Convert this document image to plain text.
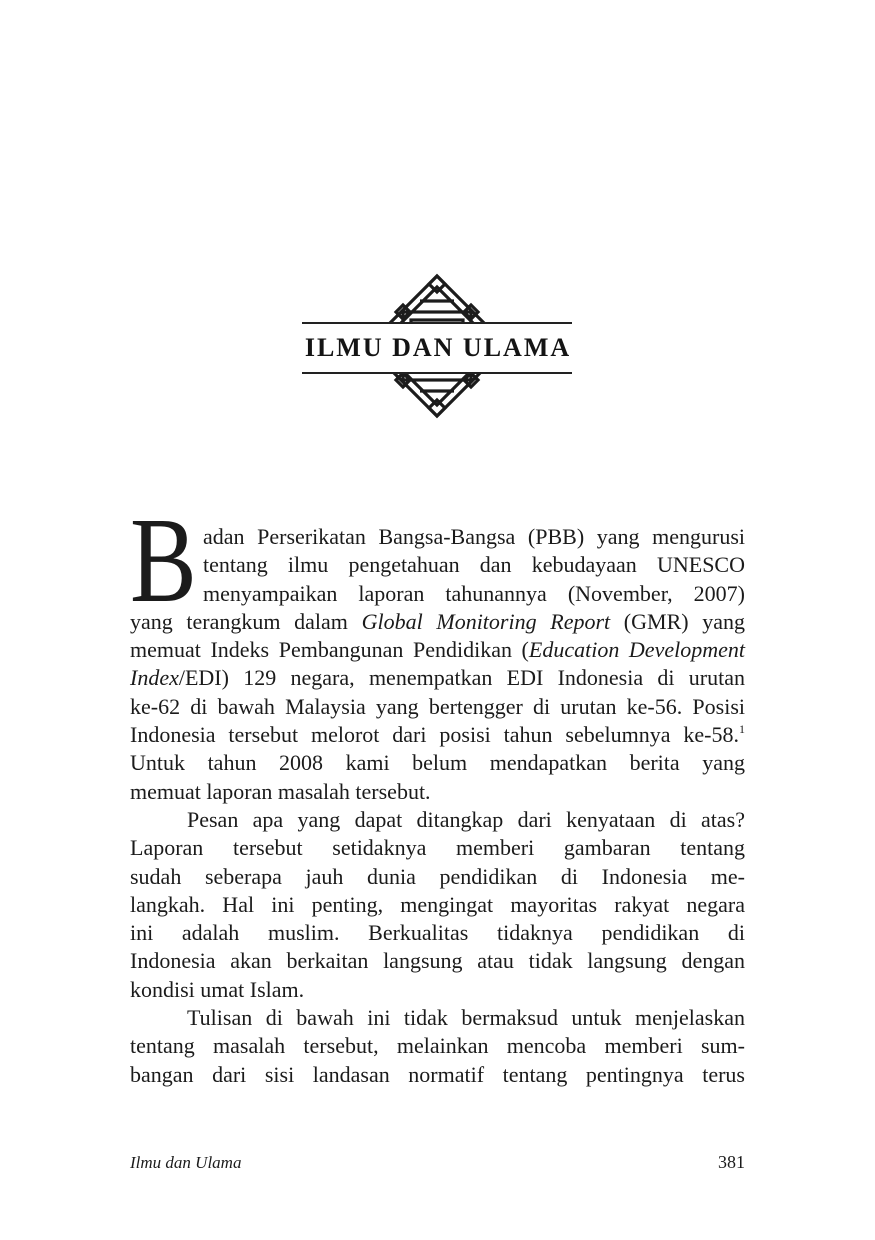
ILMU DAN ULAMA
B adan Perserikatan Bangsa-Bangsa (PBB) yang mengurusi
tentang ilmu pengetahuan dan kebudayaan UNESCO
menyampaikan laporan tahunannya (November, 2007)
yang terangkum dalam Global Monitoring Report (GMR) yang
memuat Indeks Pembangunan Pendidikan (Education Development
Index/EDI) 129 negara, menempatkan EDI Indonesia di urutan
ke-62 di bawah Malaysia yang bertengger di urutan ke-56. Posisi
Indonesia tersebut melorot dari posisi tahun sebelumnya ke-58.$^1$
Untuk tahun 2008 kami belum mendapatkan berita yang
memuat laporan masalah tersebut.
Pesan apa yang dapat ditangkap dari kenyataan di atas?
Laporan tersebut setidaknya memberi gambaran tentang
sudah seberapa jauh dunia pendidikan di Indonesia me-
langkah. Hal ini penting, mengingat mayoritas rakyat negara
ini adalah muslim. Berkualitas tidaknya pendidikan di
Indonesia akan berkaitan langsung atau tidak langsung dengan
kondisi umat Islam.
Tulisan di bawah ini tidak bermaksud untuk menjelaskan
tentang masalah tersebut, melainkan mencoba memberi sum-
bangan dari sisi landasan normatif tentang pentingnya terus
Ilmu dan Ulama	381
